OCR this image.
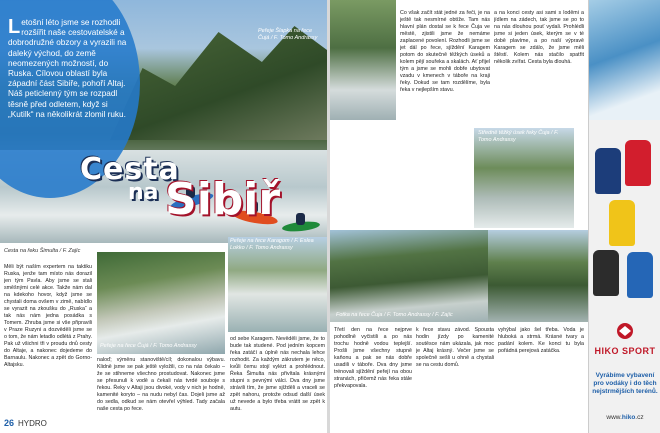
Peřeje Šlapka na řece Čujá / F. Tomo Andrassy
Letošní léto jsme se rozhodli rozšířit naše cestovatelské a dobrodružné obzory a vyrazili na daleký východ, do země neomezených možností, do Ruska. Cílovou oblastí byla západní část Sibiře, pohoří Altaj. Náš peticlenný tým se rozpadl těsně před odletem, když si „Kutilk“ na několikrát zlomil ruku.
Cesta
na Sibiř
Cesta na řeku Šimulta / F. Zajíc
Měli být naším expertem na taktiku Ruska, jenže tam místo nás dorazil jen tým Pavla. Aby jsme se stali směšnými celé akce. Takže nám dal na kdekoho hovor, když jsme se chystali doma ovšem v zimě, nabídlo se vyrazit na zkoušku do „Ruska“ a tak nás nám jedna posádka s Tomem. Zhruba jsme si vše připravili v Praze Ruzyni a dozvěděli jsme se o tom, že nám letadlo odlétá z Prahy. Pak už všichni tři v proudu dnů cesty do Altaje, a nakonec dojedeme do Barnaulu. Nakonec a zpět do Gorno-Altajsku.
Peřeje na řece Čujá / F. Tomo Andrassy
naloď; výměnu stanoviště/cíl; dokonalou výbavu. Klidně jsme se pak ještě vyložili, co na nás čekalo – že se stihneme všechno prostudovat. Nakonec jsme se přesunuli k vodě a čekali nás tvrdé souboje s řekou. Řeky v Altaji jsou divoké, vody v nich je hodně, kamenité koryto – na nudu nebyl čas. Dojeli jsme až do sedla, odkud se nám otevřel výhled. Tady začala naše cesta po řece.
Peřeje na řece Karagom / F. Eslea Lokko / F. Tomo Andrassy
od sebe Karagem. Nevěděli jsme, že to bude tak studené. Pod jedním kopcem řeka zatáčí a úplně nás nechala lehce rozhodit. Za každým zákrutem je něco, kvůli čemu stojí vylézt a prohlédnout. Řeka Šimulta nás přivítala krásnými stupni s pevnými válci. Dva dny jsme strávili tím, že jsme sjížděli a vraceli se zpět nahoru, protože odsud další úsek už nevede a bylo třeba vrátit se zpět k autu.
26 HYDRO
Co však začít stát jedné za řeči, je na ještě tak nesmírné obtíže. Tam nás hlavní plán dostal se k řece Čuja ve městě, zjistili jsme že nemáme zaplacené povolení. Rozhodli jsme se jet dál po řece, sjíždění Karagem potom do skutečně těžkých úseků a kolem pějí souřeka a skalách. Ať přijel tým a jsme se mohli dobře ubytovat vzadu v kmenech v táboře na kraji řeky. Dokud se tam rozdělíme, byla řeka v nejlepším stavu.
a na konci cesty asi sami s loděmi a jídlem na zádech, tak jsme se po to na nás dlouhou pouť vydali. Prohlédli jsme si jeden úsek, kterým se v té době plavíme, a po naší výpravě Karagem se zdálo, že jsme měli štěstí. Kolem nás stačilo spatřit několik zvířat. Cesta byla dlouhá.
Středně těžký úsek řeky Čuja / F. Tomo Andrassy
Fotka na řece Čuja / F. Tomo Andrassy / F. Zajíc
Třetí den na řece nejprve pohodlně vyčistili a po nás trochu hodně vodou teplejší. Prošli jsme všechny stupně kaňonu a pak se nás dobře usadili v táboře. Dva dny jsme trénovali sjíždění peřejí na obou stranách, přičemž nás řeka stále překvapovala.
k řece stavu závod. Spousta hodin jízdy po kamenité soutěsce nám ukázala, jak moc je Altaj krásný. Večer jsme se společně sešli u ohně a chystali se na cestu domů.
vyhýbal jako šel třeba. Voda je hluboká a strmá. Krásné tvary a padání kolem. Ke konci tu byla pořádná perejová zatáčka.	HIKO SPORT
Vyrábíme vybavení pro vodáky i do těch nejstrmějších terénů.
www.hiko.cz
